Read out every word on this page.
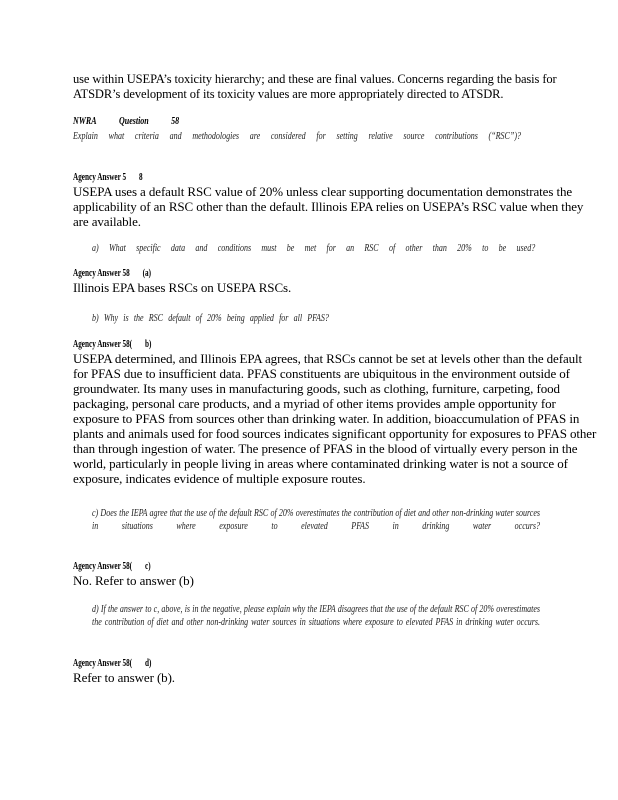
use within USEPA’s toxicity hierarchy; and these are final values. Concerns regarding the basis for ATSDR’s development of its toxicity values are more appropriately directed to ATSDR.
NWRA Question 58
Explain what criteria and methodologies are considered for setting relative source contributions (“RSC”)?
Agency Answer 5 8
USEPA uses a default RSC value of 20% unless clear supporting documentation demonstrates the applicability of an RSC other than the default. Illinois EPA relies on USEPA’s RSC value when they are available.
a) What specific data and conditions must be met for an RSC of other than 20% to be used?
Agency Answer 58 (a)
Illinois EPA bases RSCs on USEPA RSCs.
b) Why is the RSC default of 20% being applied for all PFAS?
Agency Answer 58( b)
USEPA determined, and Illinois EPA agrees, that RSCs cannot be set at levels other than the default for PFAS due to insufficient data. PFAS constituents are ubiquitous in the environment outside of groundwater. Its many uses in manufacturing goods, such as clothing, furniture, carpeting, food packaging, personal care products, and a myriad of other items provides ample opportunity for exposure to PFAS from sources other than drinking water. In addition, bioaccumulation of PFAS in plants and animals used for food sources indicates significant opportunity for exposures to PFAS other than through ingestion of water. The presence of PFAS in the blood of virtually every person in the world, particularly in people living in areas where contaminated drinking water is not a source of exposure, indicates evidence of multiple exposure routes.
c) Does the IEPA agree that the use of the default RSC of 20% overestimates the contribution of diet and other non-drinking water sources in situations where exposure to elevated PFAS in drinking water occurs?
Agency Answer 58( c)
No. Refer to answer (b)
d) If the answer to c, above, is in the negative, please explain why the IEPA disagrees that the use of the default RSC of 20% overestimates the contribution of diet and other non-drinking water sources in situations where exposure to elevated PFAS in drinking water occurs.
Agency Answer 58( d)
Refer to answer (b).
